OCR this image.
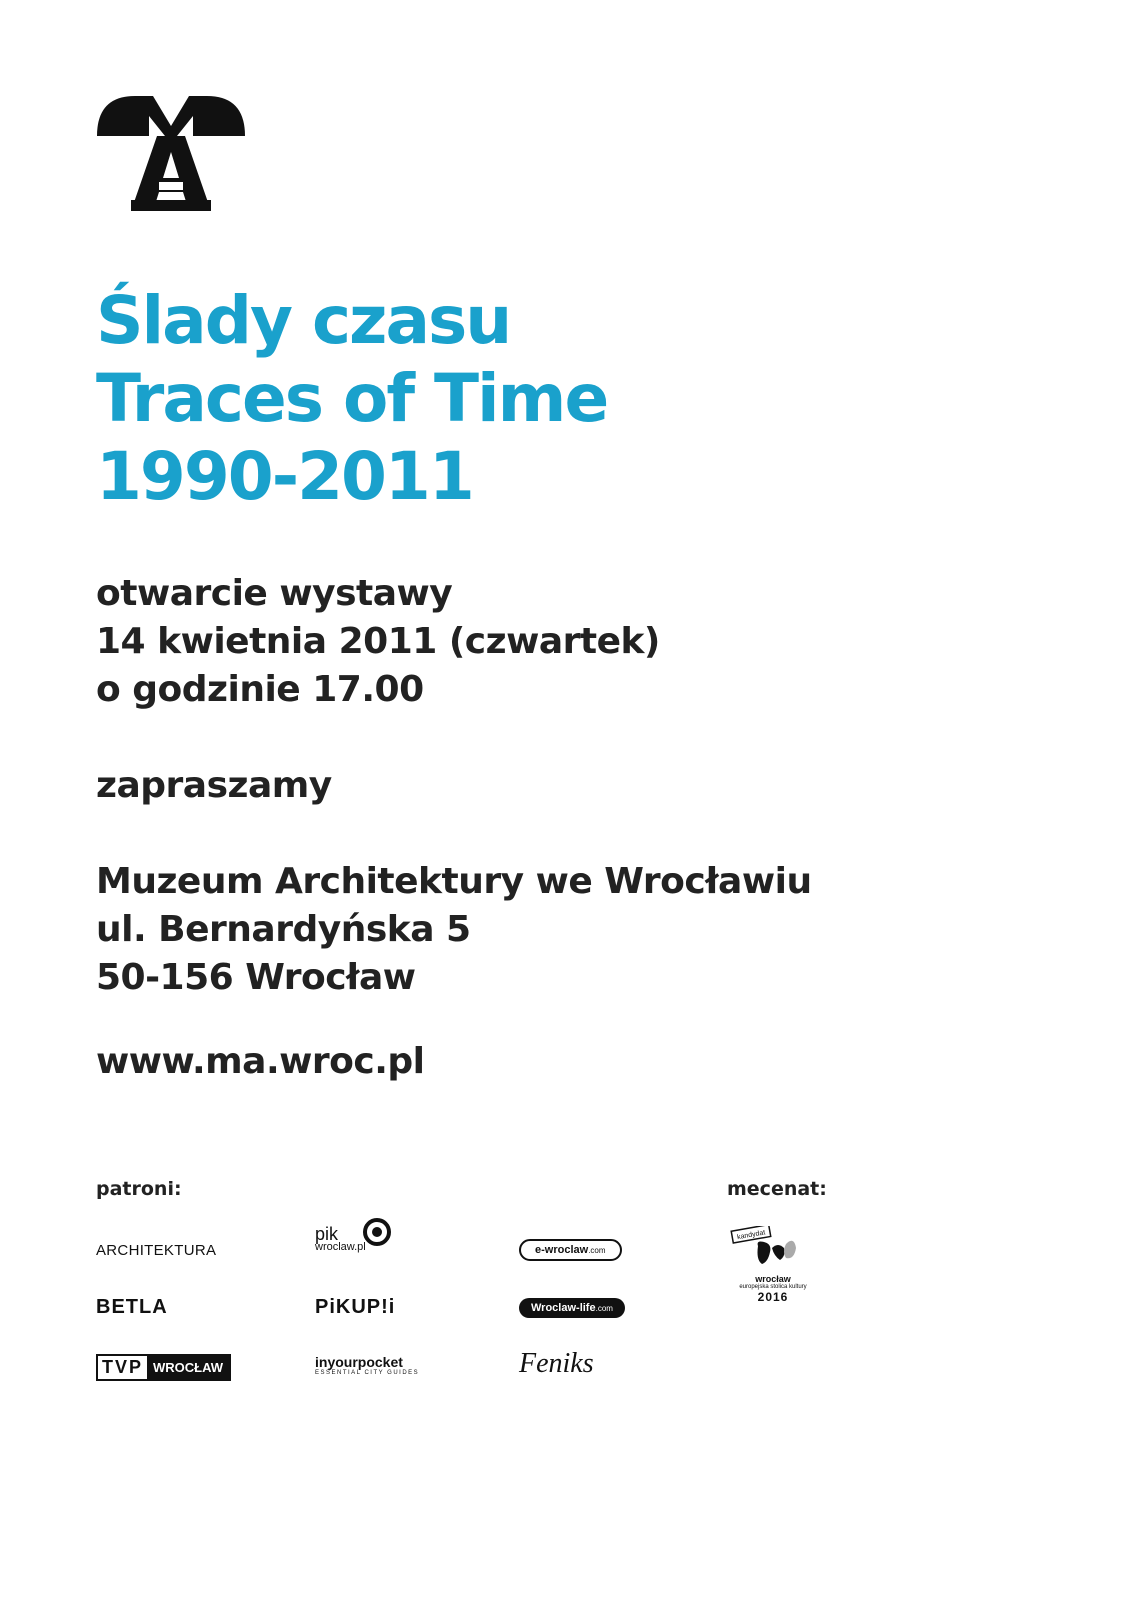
Ślady czasu
Traces of Time
1990-2011
otwarcie wystawy
14 kwietnia 2011 (czwartek)
o godzinie 17.00
zapraszamy
Muzeum Architektury we Wrocławiu
ul. Bernardyńska 5
50-156 Wrocław
www.ma.wroc.pl
patroni:	mecenat:
ARCHITEKTURA
pik
wroclaw.pl	e-wroclaw.com
BETLA	PiKUP!i	Wroclaw-life.com
TVP WROCŁAW	inyourpocket
ESSENTIAL CITY GUIDES	Feniks
kandydat
wrocław
europejska stolica kultury
2016
